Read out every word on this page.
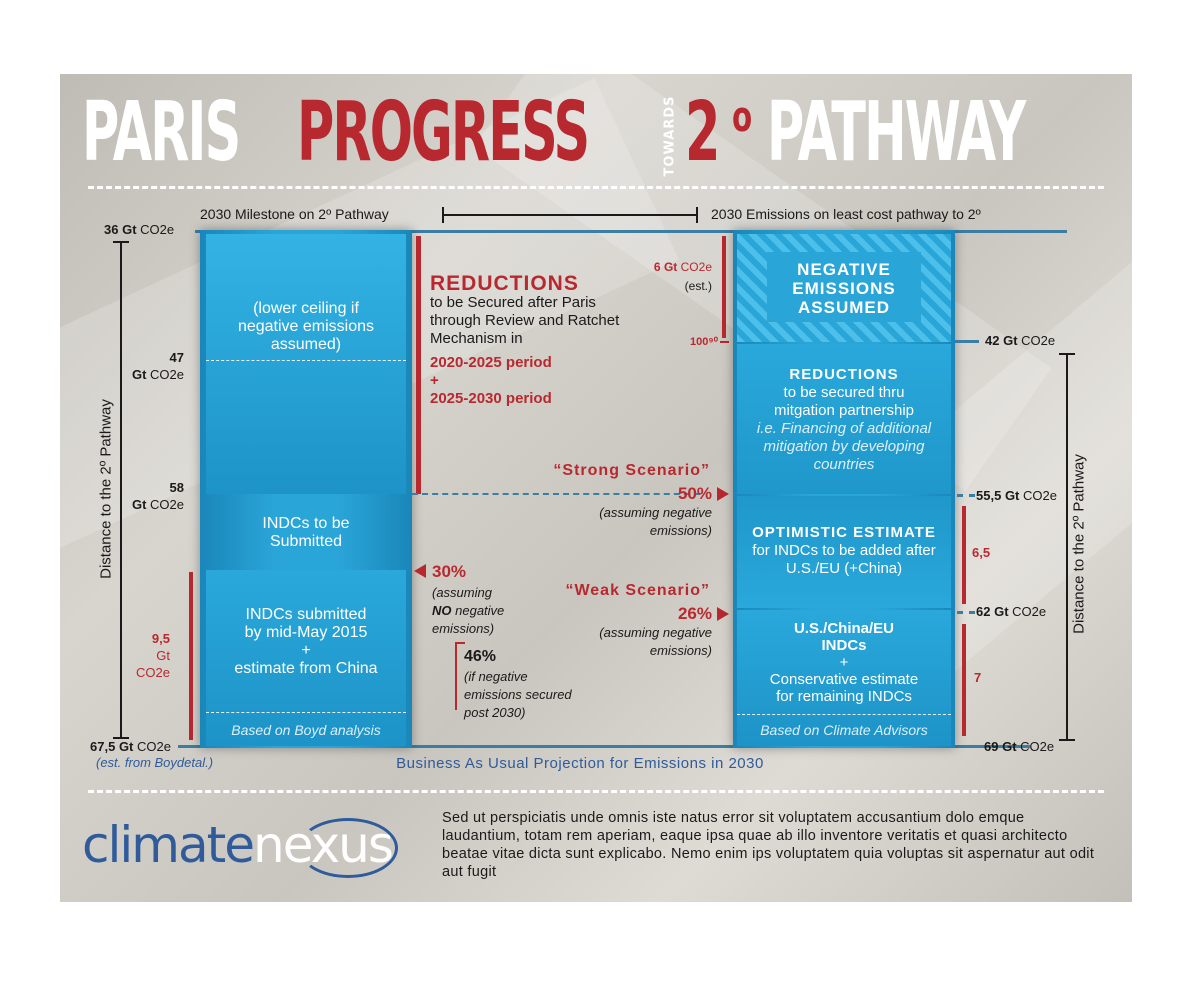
PARIS PROGRESS	TOWARDS 2 o PATHWAY
2030 Milestone on 2º Pathway	2030 Emissions on least cost pathway to 2º
36 Gt CO2e
47
Gt CO2e
58
Gt CO2e
67,5 Gt CO2e
(est. from Boydetal.)
Distance to the 2º Pathway
9,5
Gt CO2e
(lower ceiling if negative emissions assumed)
INDCs to be Submitted
INDCs submitted
by mid-May 2015
+
estimate from China
Based on Boyd analysis
REDUCTIONS
to be Secured after Paris through Review and Ratchet Mechanism in
2020-2025 period
+
2025-2030 period
6 Gt CO2e
(est.)
100⁹⁰
“Strong Scenario”
50%
(assuming negative emissions)
30%
(assuming
NO negative emissions)
“Weak Scenario”
26%
(assuming negative emissions)
46%
(if negative emissions secured post 2030)
NEGATIVE EMISSIONS ASSUMED
REDUCTIONS
to be secured thru
mitgation partnership
i.e. Financing of additional mitigation by developing countries
OPTIMISTIC ESTIMATE
for INDCs to be added after U.S./EU (+China)
U.S./China/EU
INDCs
+
Conservative estimate
for remaining INDCs
Based on Climate Advisors
42 Gt CO2e
55,5 Gt CO2e
62 Gt CO2e
69 Gt CO2e
6,5
7
Distance to the 2º Pathway
Business As Usual Projection for Emissions in 2030
climatenexus	Sed ut perspiciatis unde omnis iste natus error sit voluptatem accusantium dolo emque laudantium, totam rem aperiam, eaque ipsa quae ab illo inventore veritatis et quasi architecto beatae vitae dicta sunt explicabo. Nemo enim ips voluptatem quia voluptas sit aspernatur aut odit aut fugit
